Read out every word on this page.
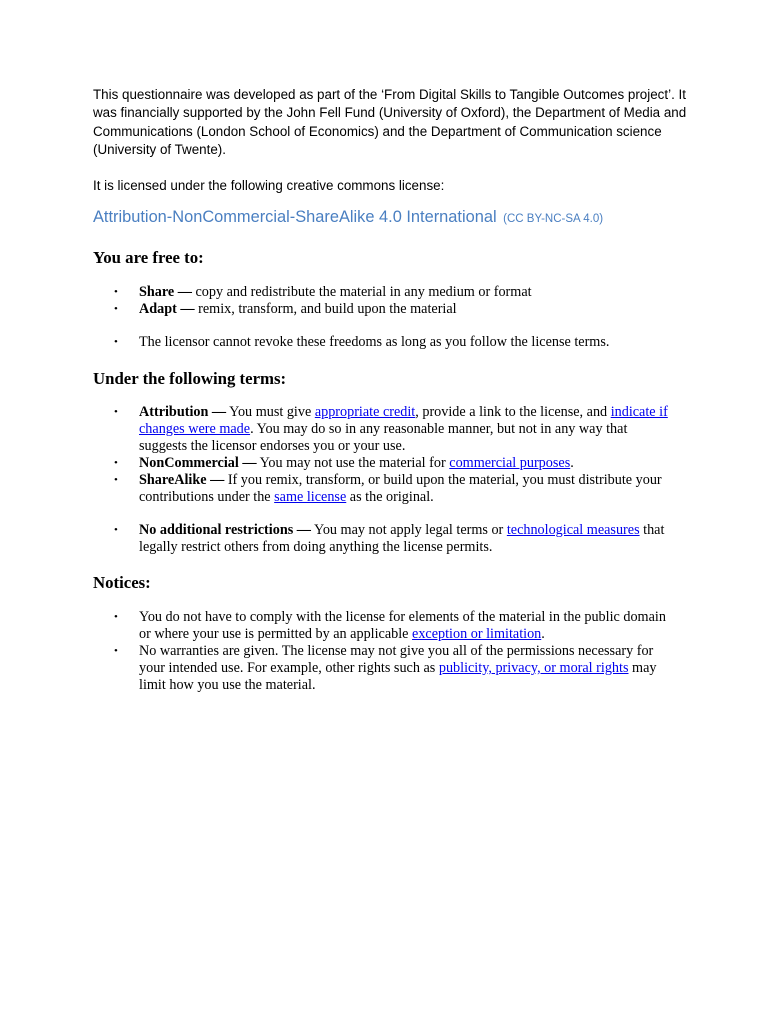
This questionnaire was developed as part of the ‘From Digital Skills to Tangible Outcomes project’. It was financially supported by the John Fell Fund (University of Oxford), the Department of Media and Communications (London School of Economics) and the Department of Communication science (University of Twente).

It is licensed under the following creative commons license:

Attribution-NonCommercial-ShareAlike 4.0 International (CC BY-NC-SA 4.0)
You are free to:
• Share — copy and redistribute the material in any medium or format
• Adapt — remix, transform, and build upon the material
• The licensor cannot revoke these freedoms as long as you follow the license terms.
Under the following terms:
• Attribution — You must give appropriate credit, provide a link to the license, and indicate if changes were made. You may do so in any reasonable manner, but not in any way that suggests the licensor endorses you or your use.
• NonCommercial — You may not use the material for commercial purposes.
• ShareAlike — If you remix, transform, or build upon the material, you must distribute your contributions under the same license as the original.
• No additional restrictions — You may not apply legal terms or technological measures that legally restrict others from doing anything the license permits.
Notices:
• You do not have to comply with the license for elements of the material in the public domain or where your use is permitted by an applicable exception or limitation.
• No warranties are given. The license may not give you all of the permissions necessary for your intended use. For example, other rights such as publicity, privacy, or moral rights may limit how you use the material.
